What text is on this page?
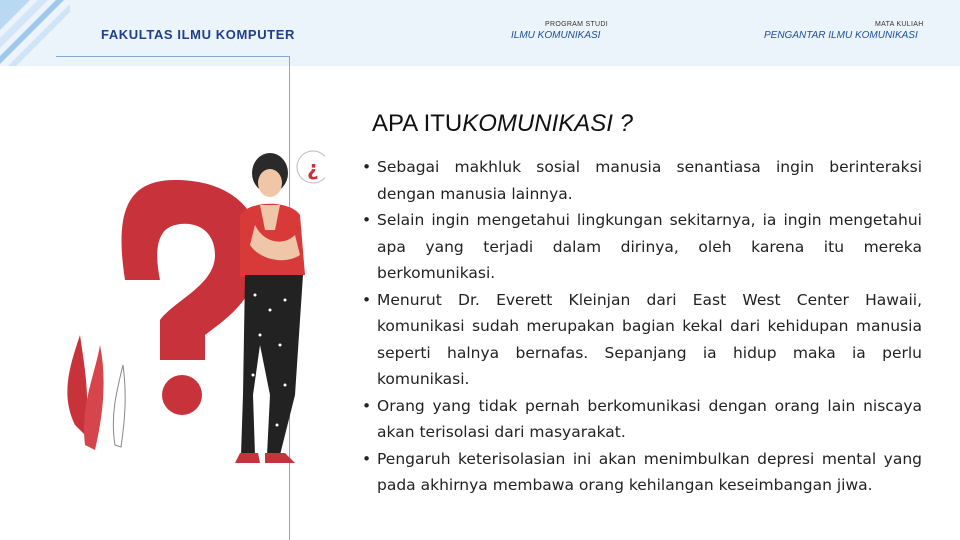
FAKULTAS ILMU KOMPUTER
PROGRAM STUDI
ILMU KOMUNIKASI
MATA KULIAH
PENGANTAR ILMU KOMUNIKASI
¿
APA ITUKOMUNIKASI ?
• Sebagai makhluk sosial manusia senantiasa ingin berinteraksi dengan manusia lainnya.
• Selain ingin mengetahui lingkungan sekitarnya, ia ingin mengetahui apa yang terjadi dalam dirinya, oleh karena itu mereka berkomunikasi.
• Menurut Dr. Everett Kleinjan dari East West Center Hawaii, komunikasi sudah merupakan bagian kekal dari kehidupan manusia seperti halnya bernafas. Sepanjang ia hidup maka ia perlu komunikasi.
• Orang yang tidak pernah berkomunikasi dengan orang lain niscaya akan terisolasi dari masyarakat.
• Pengaruh keterisolasian ini akan menimbulkan depresi mental yang pada akhirnya membawa orang kehilangan keseimbangan jiwa.
